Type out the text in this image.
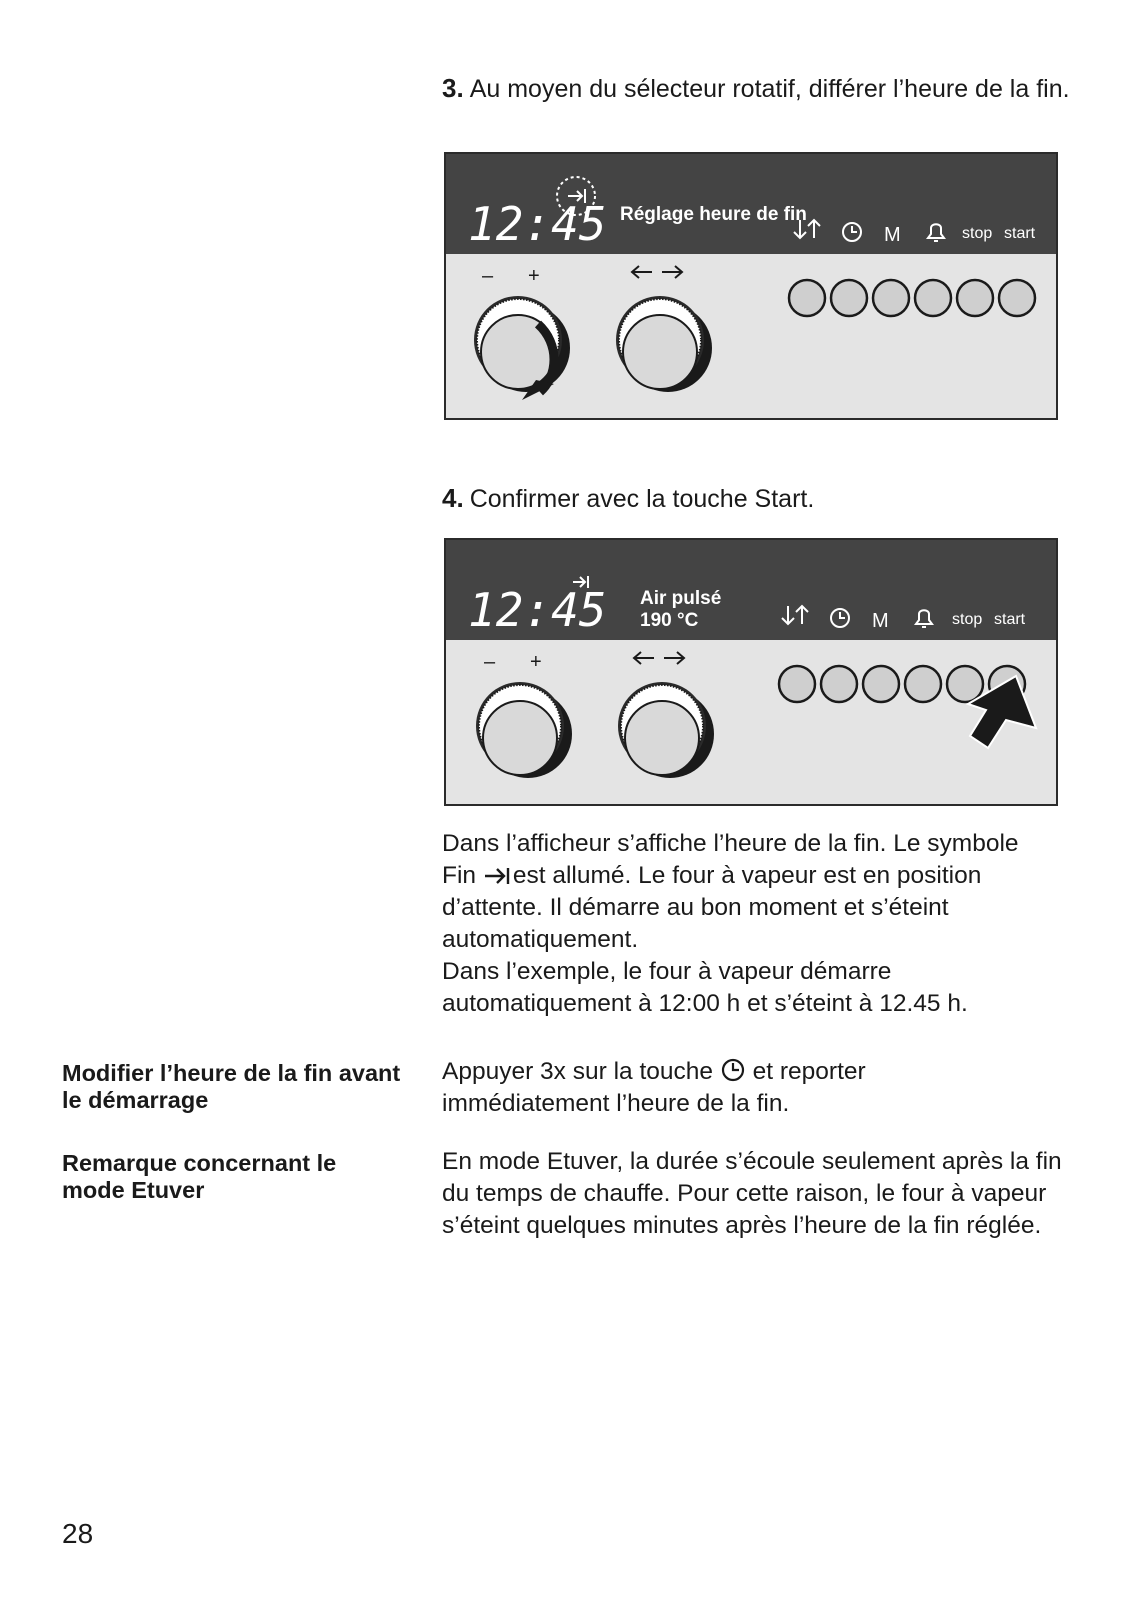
3. Au moyen du sélecteur rotatif, différer l’heure de la fin.
12:45 Réglage heure de fin
M	stop start
– +
4. Confirmer avec la touche Start.
12:45 Air pulsé
190 °C	M	stop start
– +
Dans l’afficheur s’affiche l’heure de la fin. Le symbole
Fin est allumé. Le four à vapeur est en position
d’attente. Il démarre au bon moment et s’éteint
automatiquement.
Dans l’exemple, le four à vapeur démarre
automatiquement à 12:00 h et s’éteint à 12.45 h.
Modifier l’heure de la fin avant le démarrage
Appuyer 3x sur la touche et reporter
immédiatement l’heure de la fin.
Remarque concernant le mode Etuver
En mode Etuver, la durée s’écoule seulement après la fin du temps de chauffe. Pour cette raison, le four à vapeur s’éteint quelques minutes après l’heure de la fin réglée.
28
